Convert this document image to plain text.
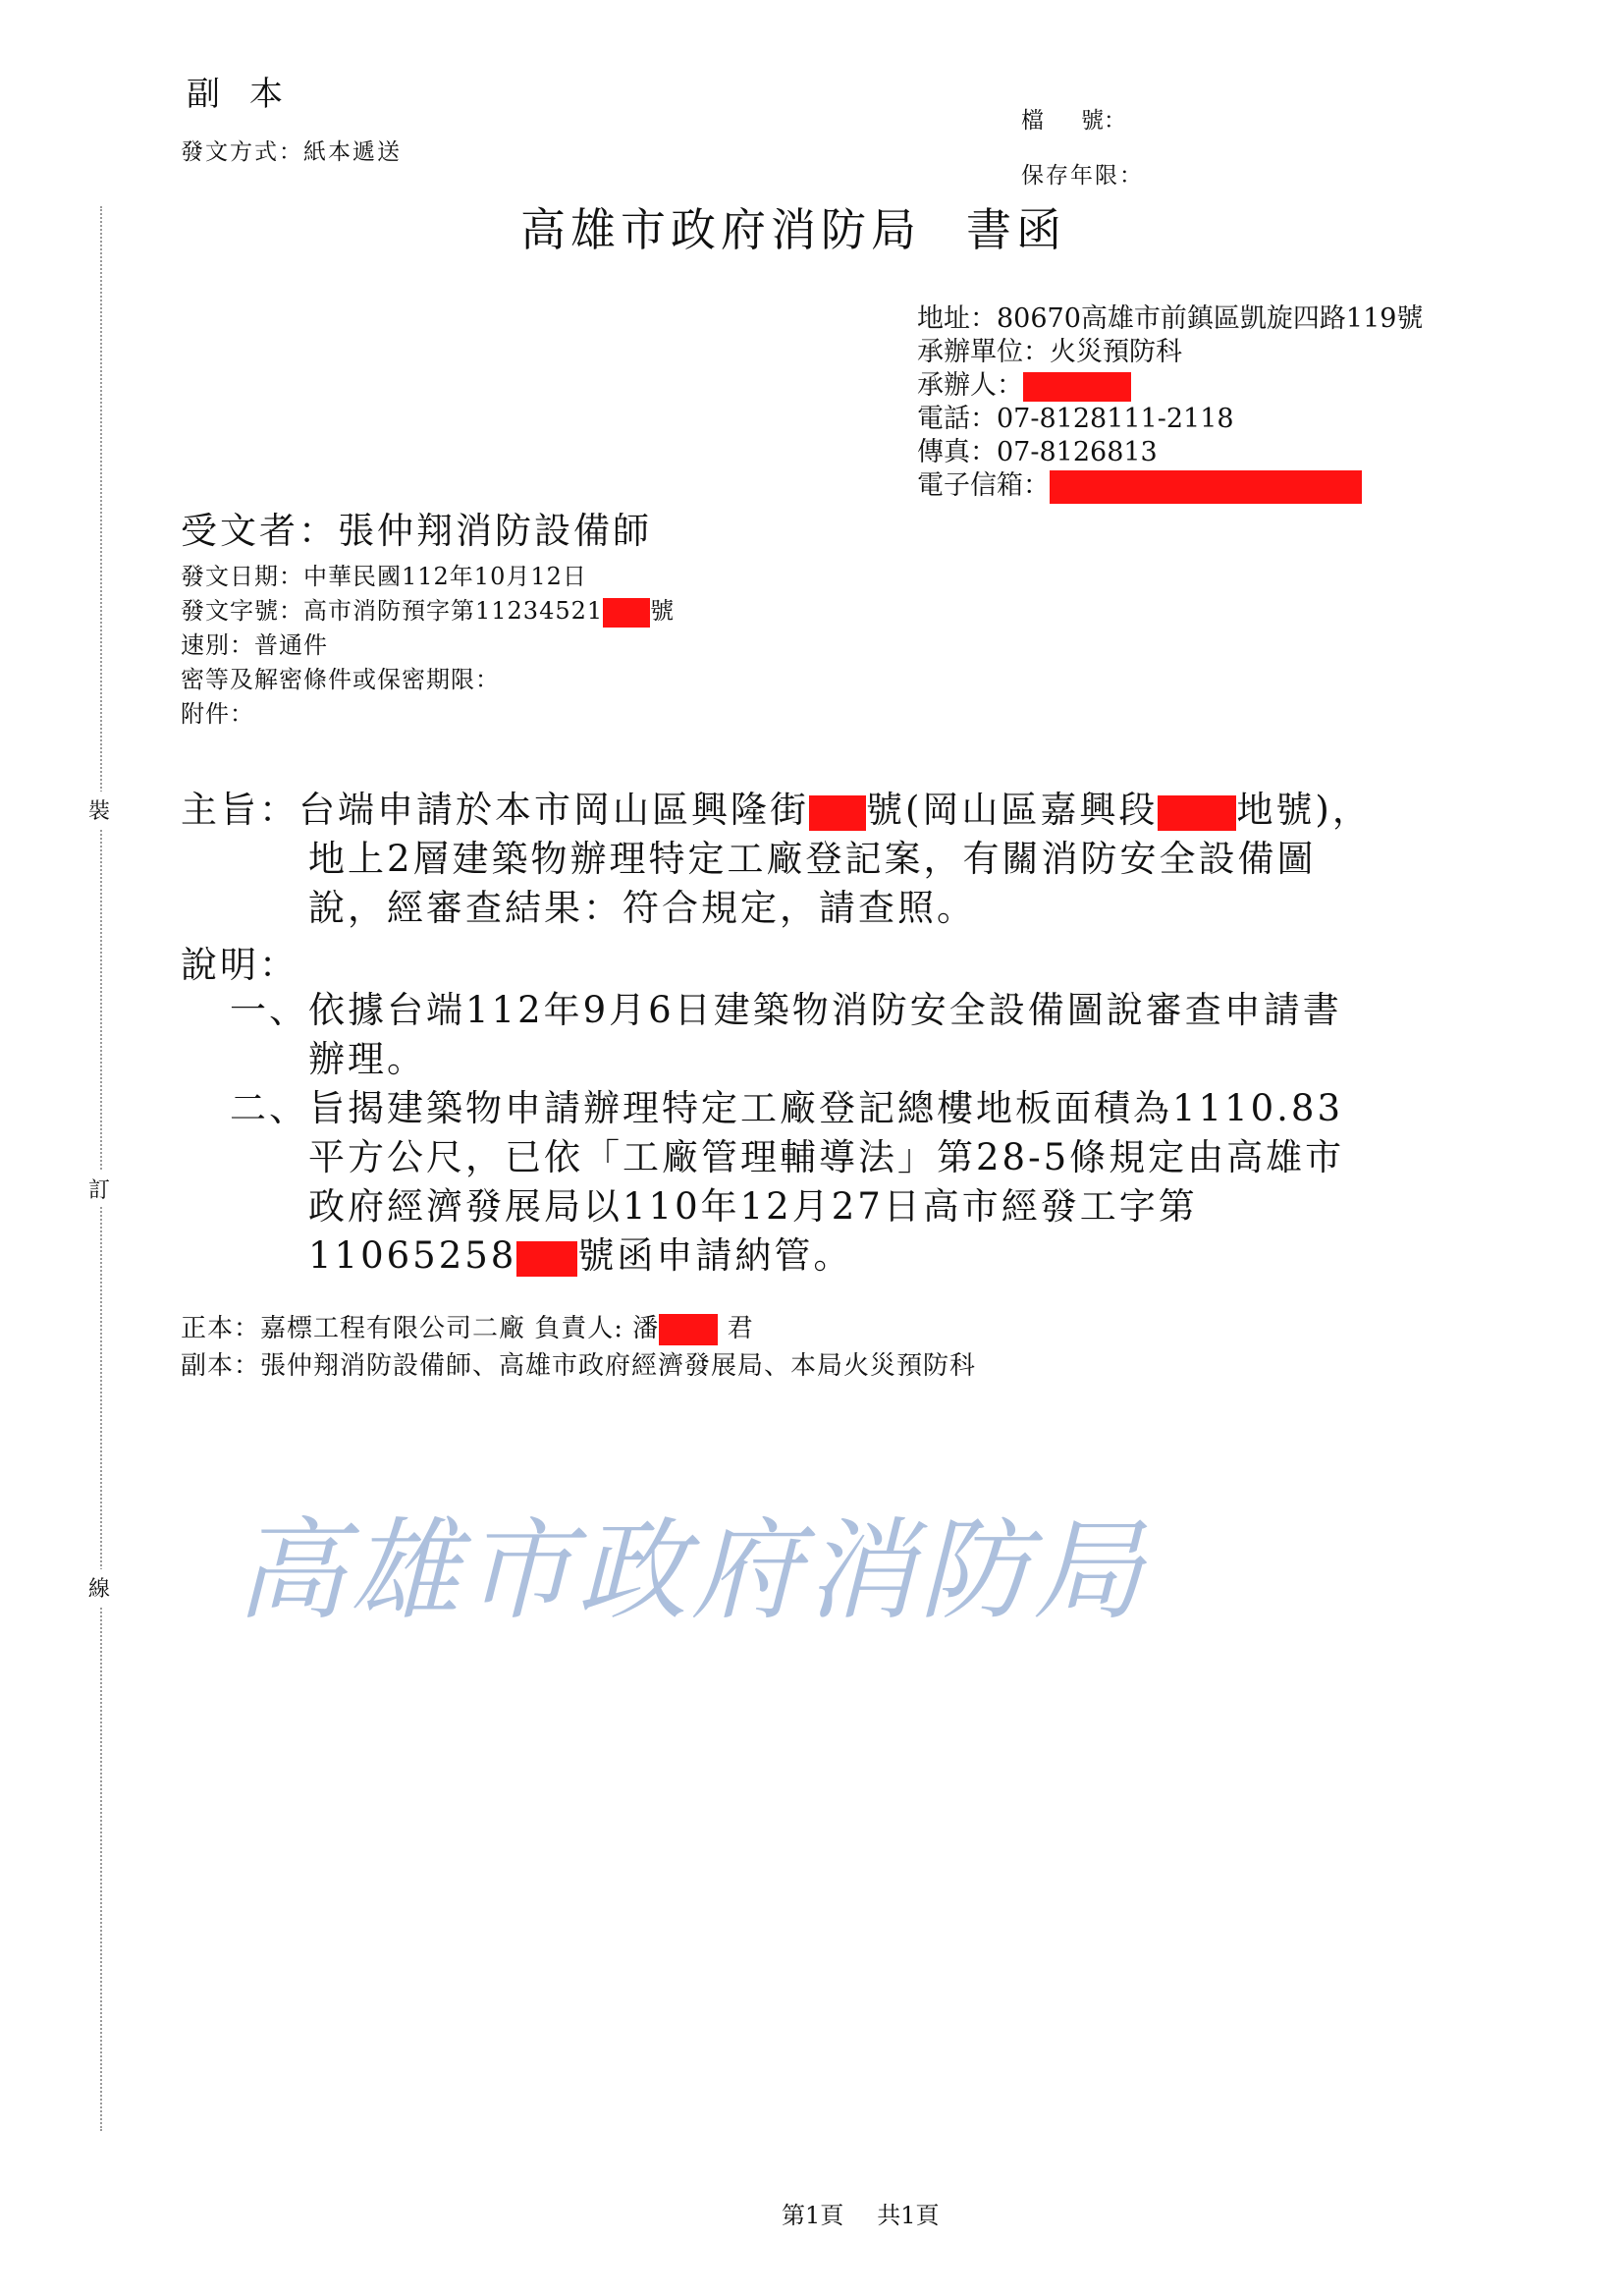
裝
訂
線
副本
發文方式：紙本遞送
檔號：
保存年限：
高雄市政府消防局 書函
地址：80670高雄市前鎮區凱旋四路119號
承辦單位：火災預防科
承辦人：
電話：07-8128111-2118
傳真：07-8126813
電子信箱：
受文者：張仲翔消防設備師
發文日期：中華民國112年10月12日
發文字號：高市消防預字第11234521 號
速別：普通件
密等及解密條件或保密期限：
附件：
主旨：台端申請於本市岡山區興隆街 號(岡山區嘉興段 地號)，
地上2層建築物辦理特定工廠登記案，有關消防安全設備圖
說，經審查結果：符合規定，請查照。
說明：
一、依據台端112年9月6日建築物消防安全設備圖說審查申請書
辦理。
二、旨揭建築物申請辦理特定工廠登記總樓地板面積為1110.83
平方公尺，已依「工廠管理輔導法」第28-5條規定由高雄市
政府經濟發展局以110年12月27日高市經發工字第
11065258 號函申請納管。
正本：嘉標工程有限公司二廠 負責人: 潘	君
副本：張仲翔消防設備師、高雄市政府經濟發展局、本局火災預防科
高雄市政府消防局
第1頁 共1頁
